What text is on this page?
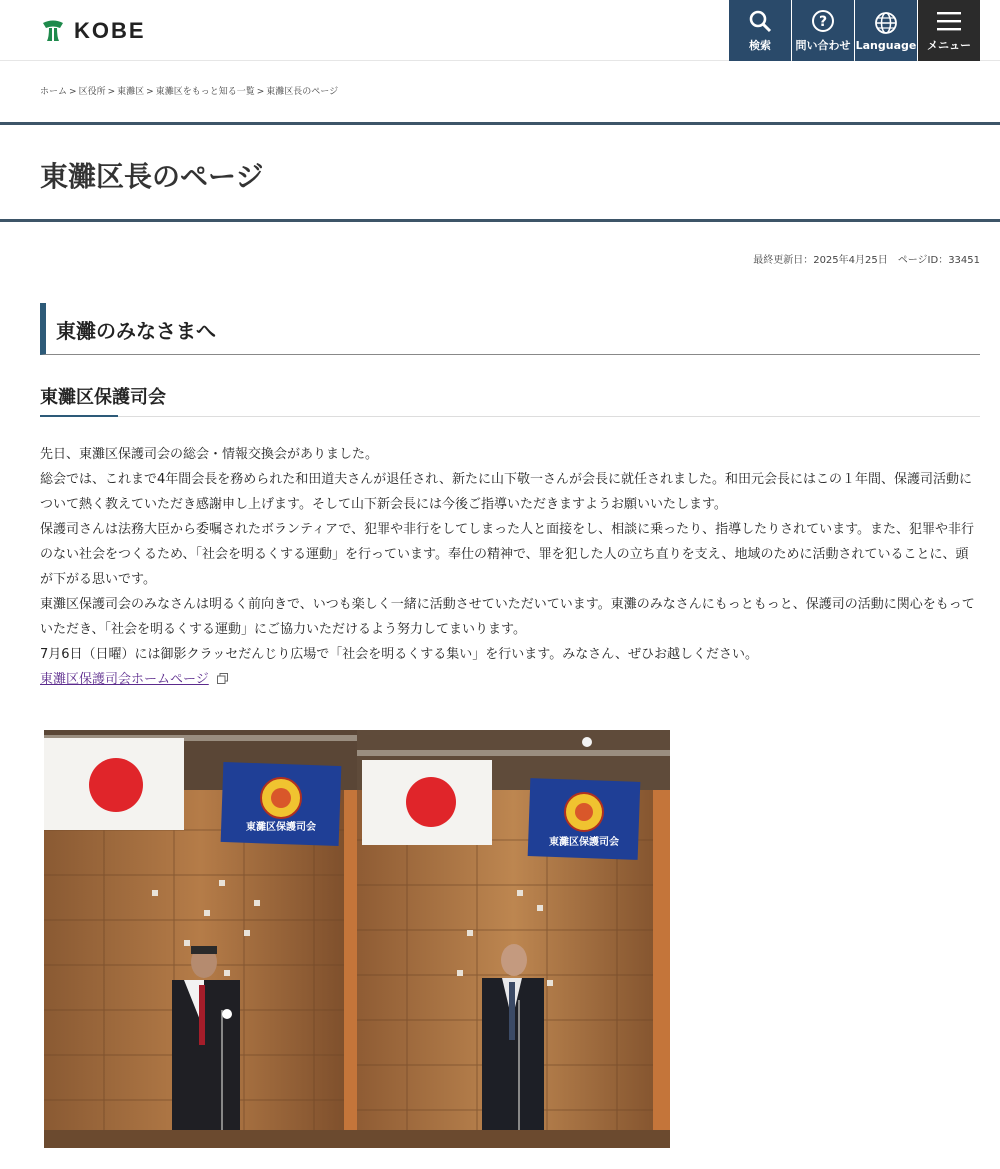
KOBE
検索
?
問い合わせ Language メニュー
ホーム > 区役所 > 東灘区 > 東灘区をもっと知る一覧 > 東灘区長のページ
東灘区長のページ
最終更新日：2025年4月25日　ページID：33451
東灘のみなさまへ
東灘区保護司会

先日、東灘区保護司会の総会・情報交換会がありました。

総会では、これまで4年間会長を務められた和田道夫さんが退任され、新たに山下敬一さんが会長に就任されました。和田元会長にはこの１年間、保護司活動について熱く教えていただき感謝申し上げます。そして山下新会長には今後ご指導いただきますようお願いいたします。

保護司さんは法務大臣から委嘱されたボランティアで、犯罪や非行をしてしまった人と面接をし、相談に乗ったり、指導したりされています。また、犯罪や非行のない社会をつくるため、「社会を明るくする運動」を行っています。奉仕の精神で、罪を犯した人の立ち直りを支え、地域のために活動されていることに、頭が下がる思いです。

東灘区保護司会のみなさんは明るく前向きで、いつも楽しく一緒に活動させていただいています。東灘のみなさんにもっともっと、保護司の活動に関心をもっていただき、「社会を明るくする運動」にご協力いただけるよう努力してまいります。

7月6日（日曜）には御影クラッセだんじり広場で「社会を明るくする集い」を行います。みなさん、ぜひお越しください。

東灘区保護司会ホームページ

東灘区保護司会
東灘区保護司会
